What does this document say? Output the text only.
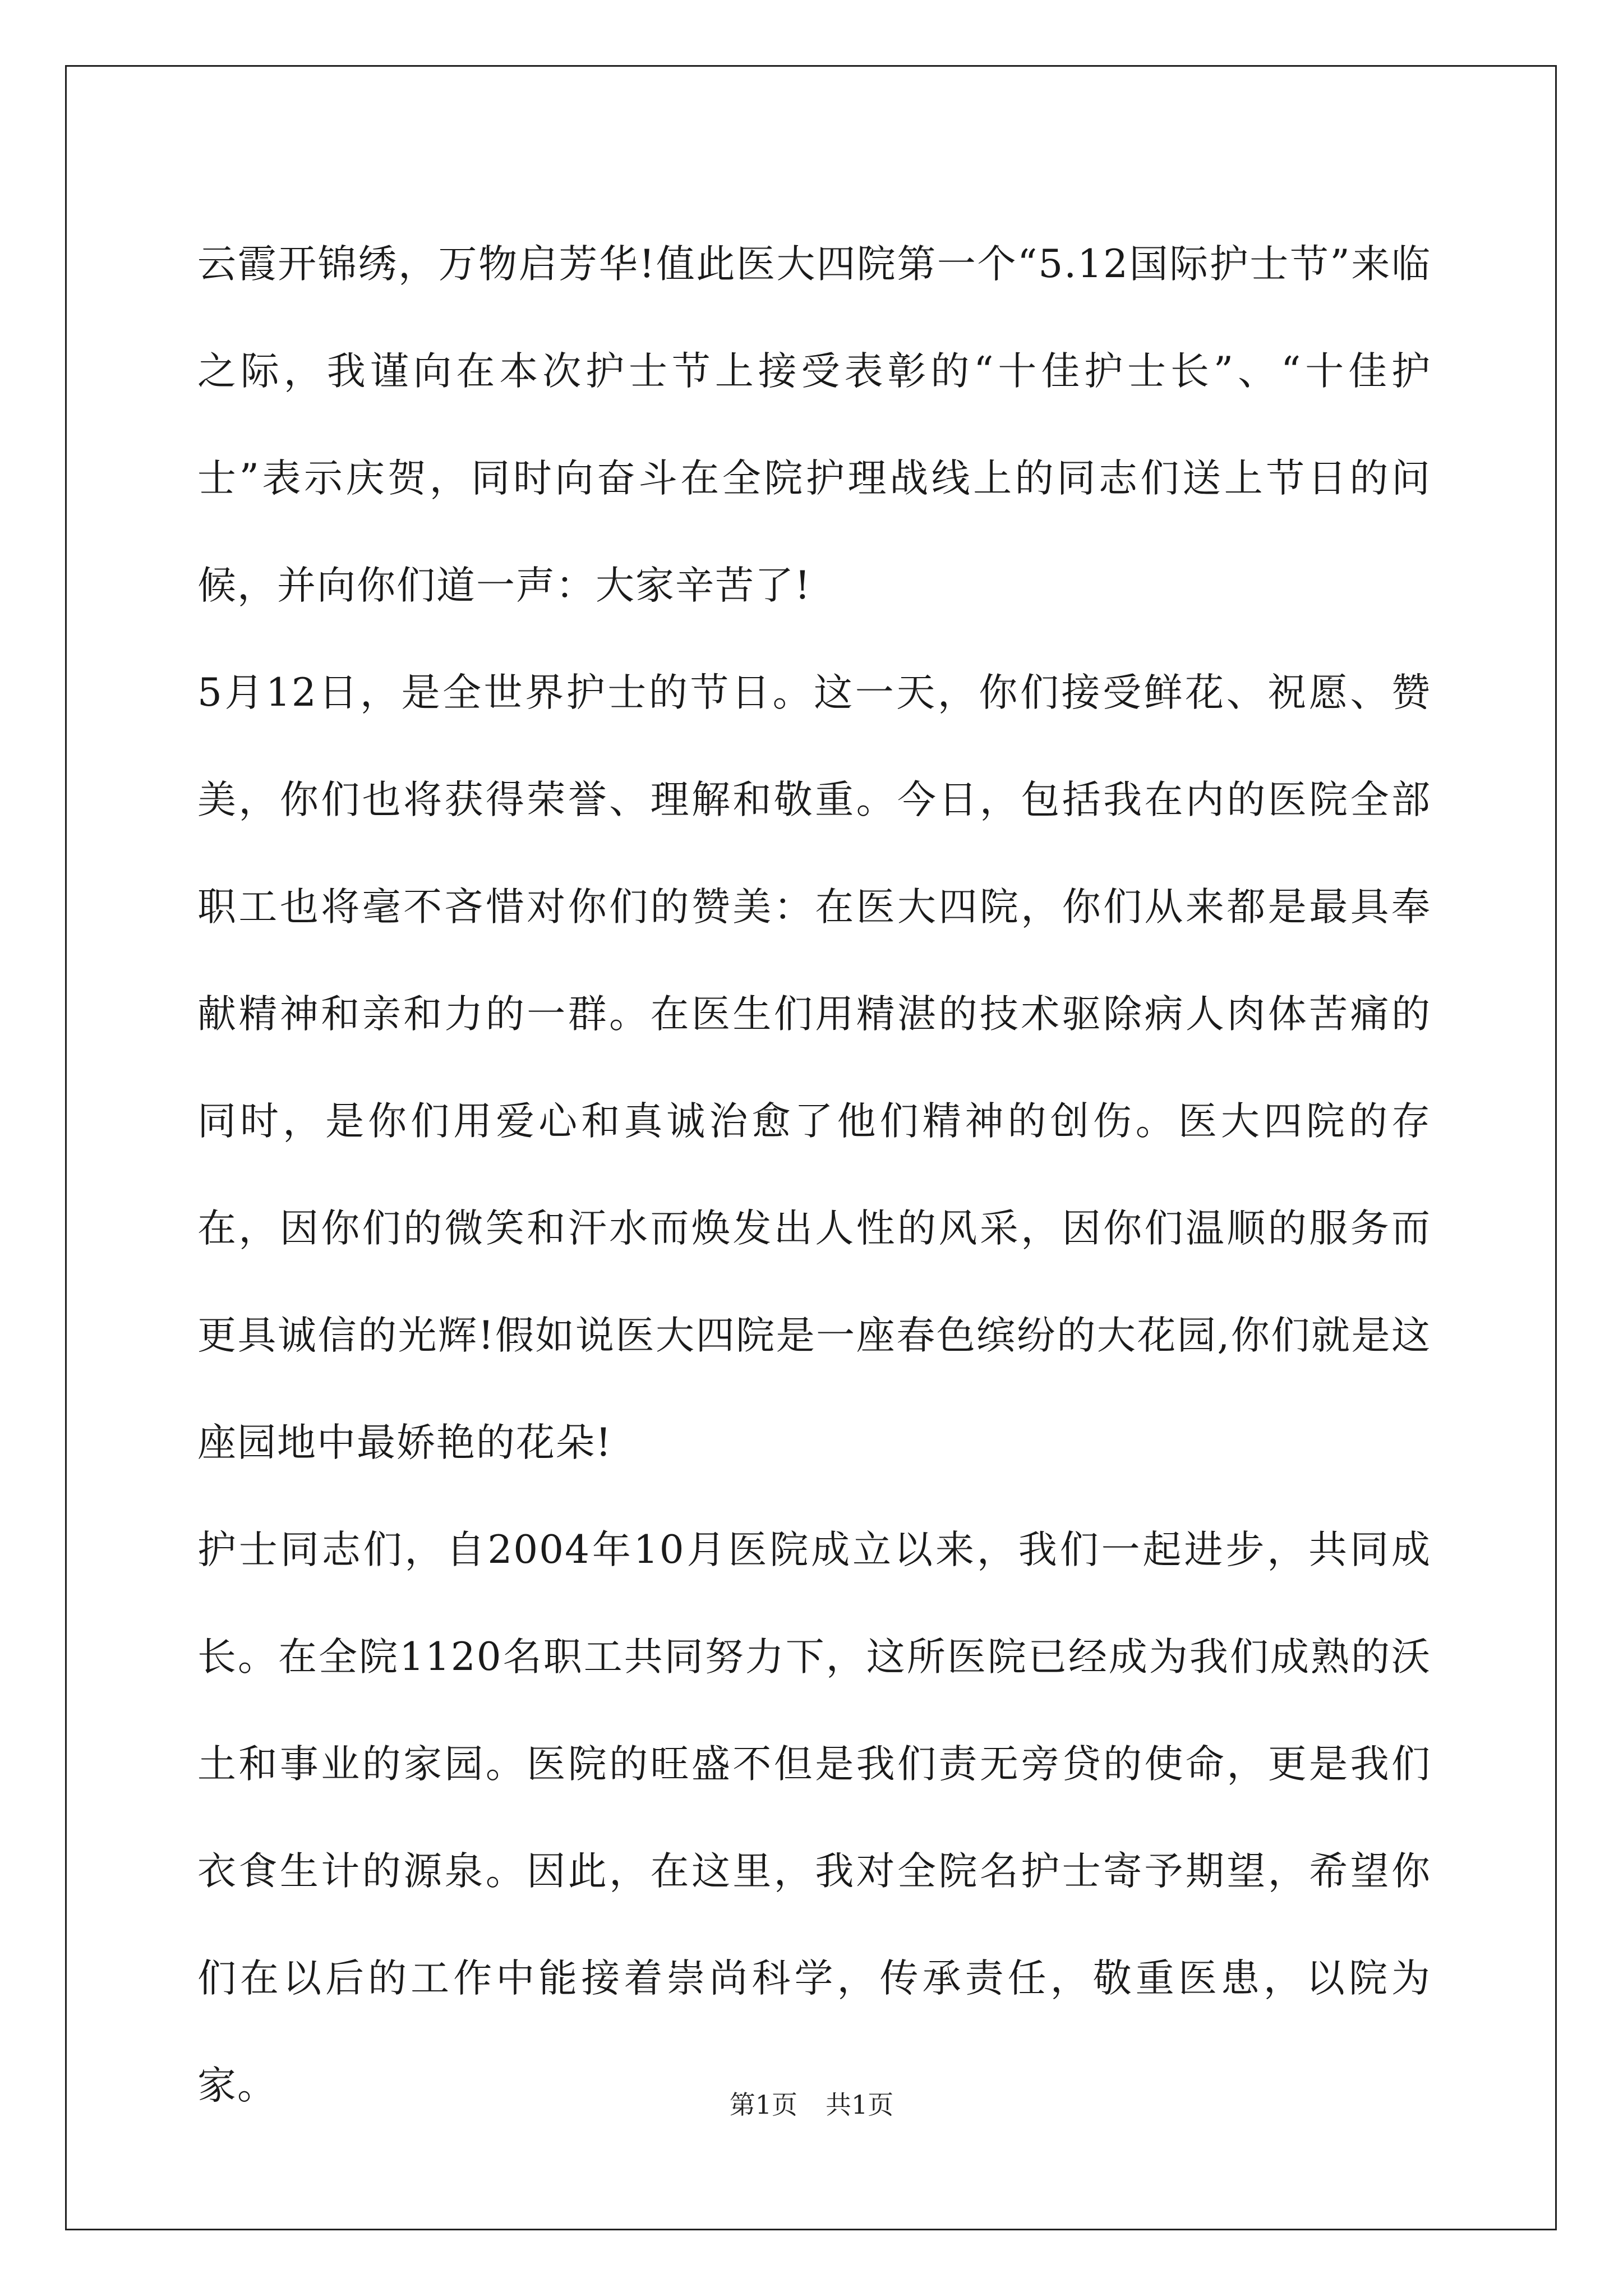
云霞开锦绣，万物启芳华!值此医大四院第一个“5.12国际护士节”来临之际，我谨向在本次护士节上接受表彰的“十佳护士长”、“十佳护士”表示庆贺，同时向奋斗在全院护理战线上的同志们送上节日的问候，并向你们道一声：大家辛苦了!

5月12日，是全世界护士的节日。这一天，你们接受鲜花、祝愿、赞美，你们也将获得荣誉、理解和敬重。今日，包括我在内的医院全部职工也将毫不吝惜对你们的赞美：在医大四院，你们从来都是最具奉献精神和亲和力的一群。在医生们用精湛的技术驱除病人肉体苦痛的同时，是你们用爱心和真诚治愈了他们精神的创伤。医大四院的存在，因你们的微笑和汗水而焕发出人性的风采，因你们温顺的服务而更具诚信的光辉!假如说医大四院是一座春色缤纷的大花园,你们就是这座园地中最娇艳的花朵!

护士同志们，自2004年10月医院成立以来，我们一起进步，共同成长。在全院1120名职工共同努力下，这所医院已经成为我们成熟的沃土和事业的家园。医院的旺盛不但是我们责无旁贷的使命，更是我们衣食生计的源泉。因此，在这里，我对全院名护士寄予期望，希望你们在以后的工作中能接着崇尚科学，传承责任，敬重医患，以院为家。	第1页 共1页
